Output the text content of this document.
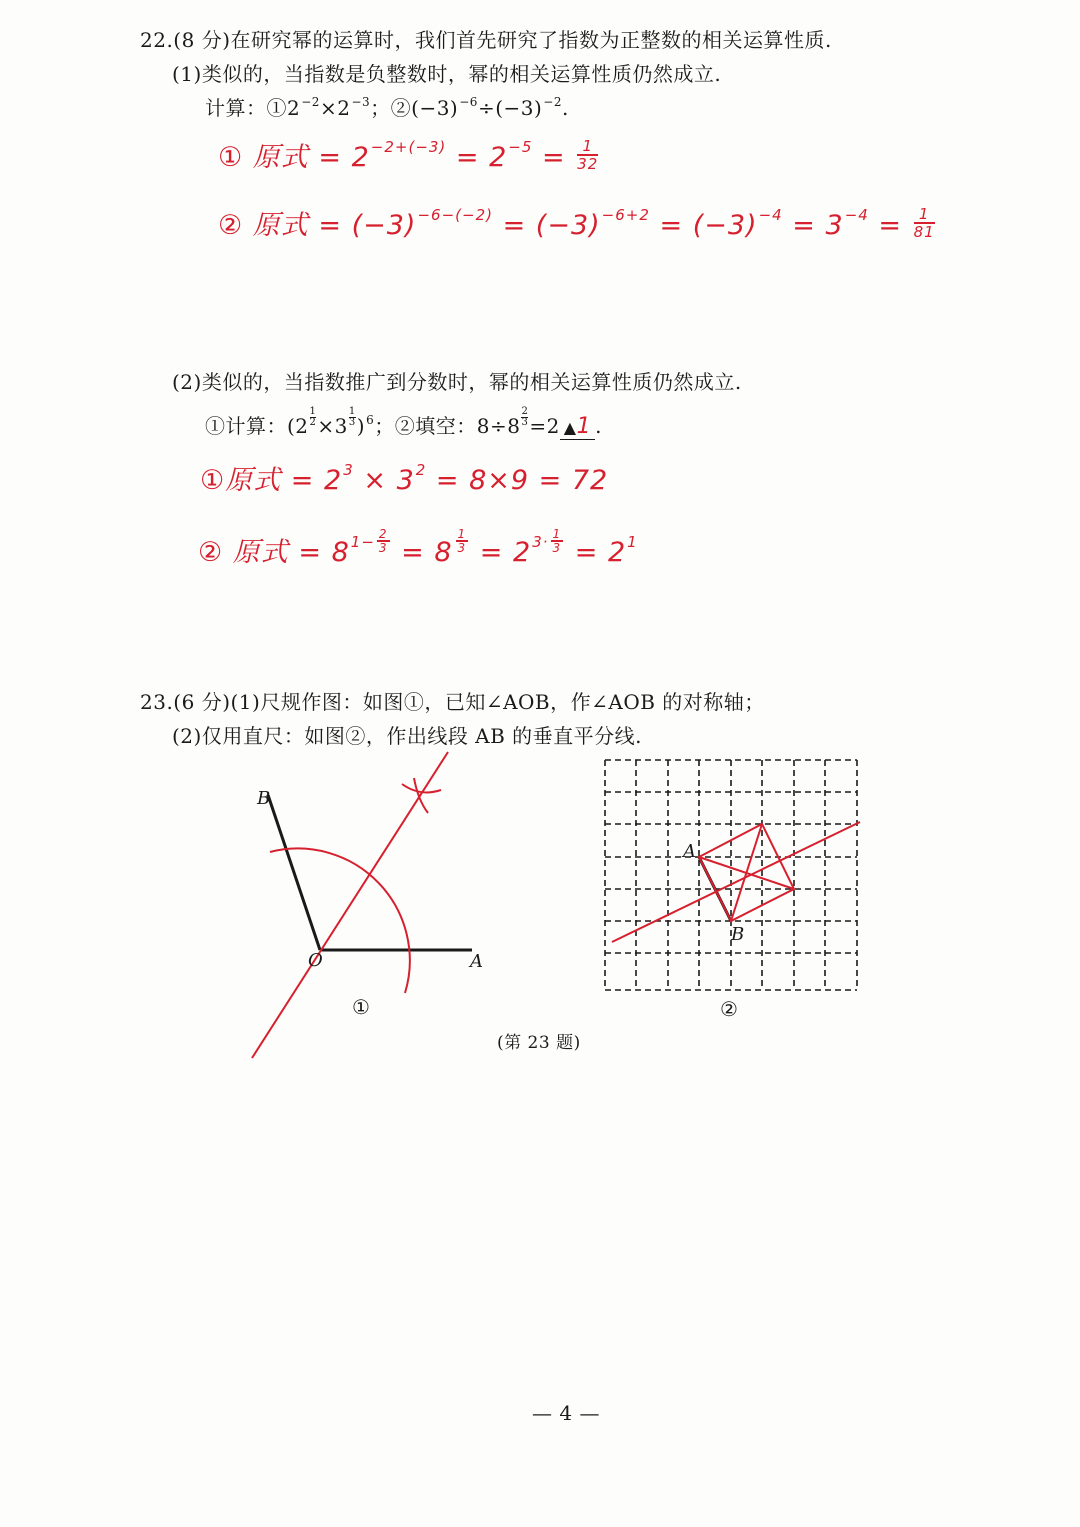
22.(8 分)在研究幂的运算时，我们首先研究了指数为正整数的相关运算性质.
(1)类似的，当指数是负整数时，幂的相关运算性质仍然成立.
计算：$①2^{-2}\times 2^{-3}$；$②(-3)^{-6}\div(-3)^{-2}$.
① 原式 = $2^{-2+(-3)} = 2^{-5} = \frac{1}{32}$
② 原式 = $(-3)^{-6-(-2)} = (-3)^{-6+2} = (-3)^{-4} = 3^{-4} = \frac{1}{81}$
(2)类似的，当指数推广到分数时，幂的相关运算性质仍然成立.
①计算：$(2 \frac{1}{2} \times 3 \frac{1}{3} )^6$；②填空：$8\div 8 \frac{2}{3} =2$ ▲1 .
①原式 = $2^3 \times 3^2 = 8\times 9 = 72$
② 原式 = $8^{1- \frac{2}{3}} = 8$ $^{\frac{1}{3}} = 2^{3\cdot \frac{1}{3}} = 2^1$
23.(6 分)(1)尺规作图：如图①，已知∠AOB，作∠AOB 的对称轴；
(2)仅用直尺：如图②，作出线段 AB 的垂直平分线.
B
O	A
①
A
B
②
(第 23 题)
— 4 —
